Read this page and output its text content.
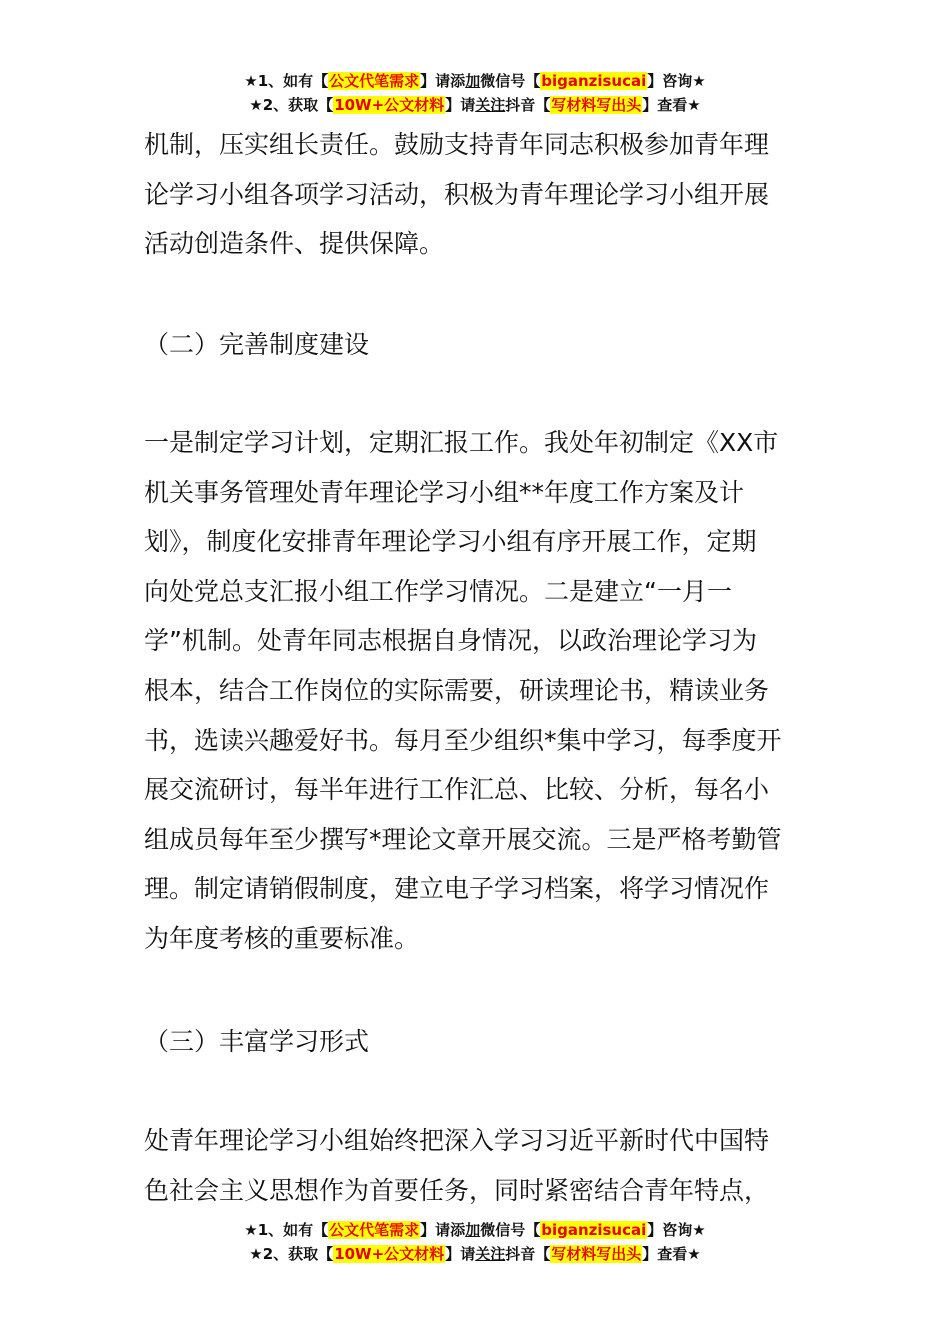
★1、如有【公文代笔需求】请添加微信号【biganzisucai】咨询★
★2、获取【10W+公文材料】请关注抖音【写材料写出头】查看★

机制，压实组长责任。鼓励支持青年同志积极参加青年理

论学习小组各项学习活动，积极为青年理论学习小组开展

活动创造条件、提供保障。

（二）完善制度建设

一是制定学习计划，定期汇报工作。我处年初制定《XX市

机关事务管理处青年理论学习小组**年度工作方案及计

划》，制度化安排青年理论学习小组有序开展工作，定期

向处党总支汇报小组工作学习情况。二是建立“一月一

学”机制。处青年同志根据自身情况，以政治理论学习为

根本，结合工作岗位的实际需要，研读理论书，精读业务

书，选读兴趣爱好书。每月至少组织*集中学习，每季度开

展交流研讨，每半年进行工作汇总、比较、分析，每名小

组成员每年至少撰写*理论文章开展交流。三是严格考勤管

理。制定请销假制度，建立电子学习档案，将学习情况作

为年度考核的重要标准。

（三）丰富学习形式

处青年理论学习小组始终把深入学习习近平新时代中国特

色社会主义思想作为首要任务，同时紧密结合青年特点，

★1、如有【公文代笔需求】请添加微信号【biganzisucai】咨询★
★2、获取【10W+公文材料】请关注抖音【写材料写出头】查看★
